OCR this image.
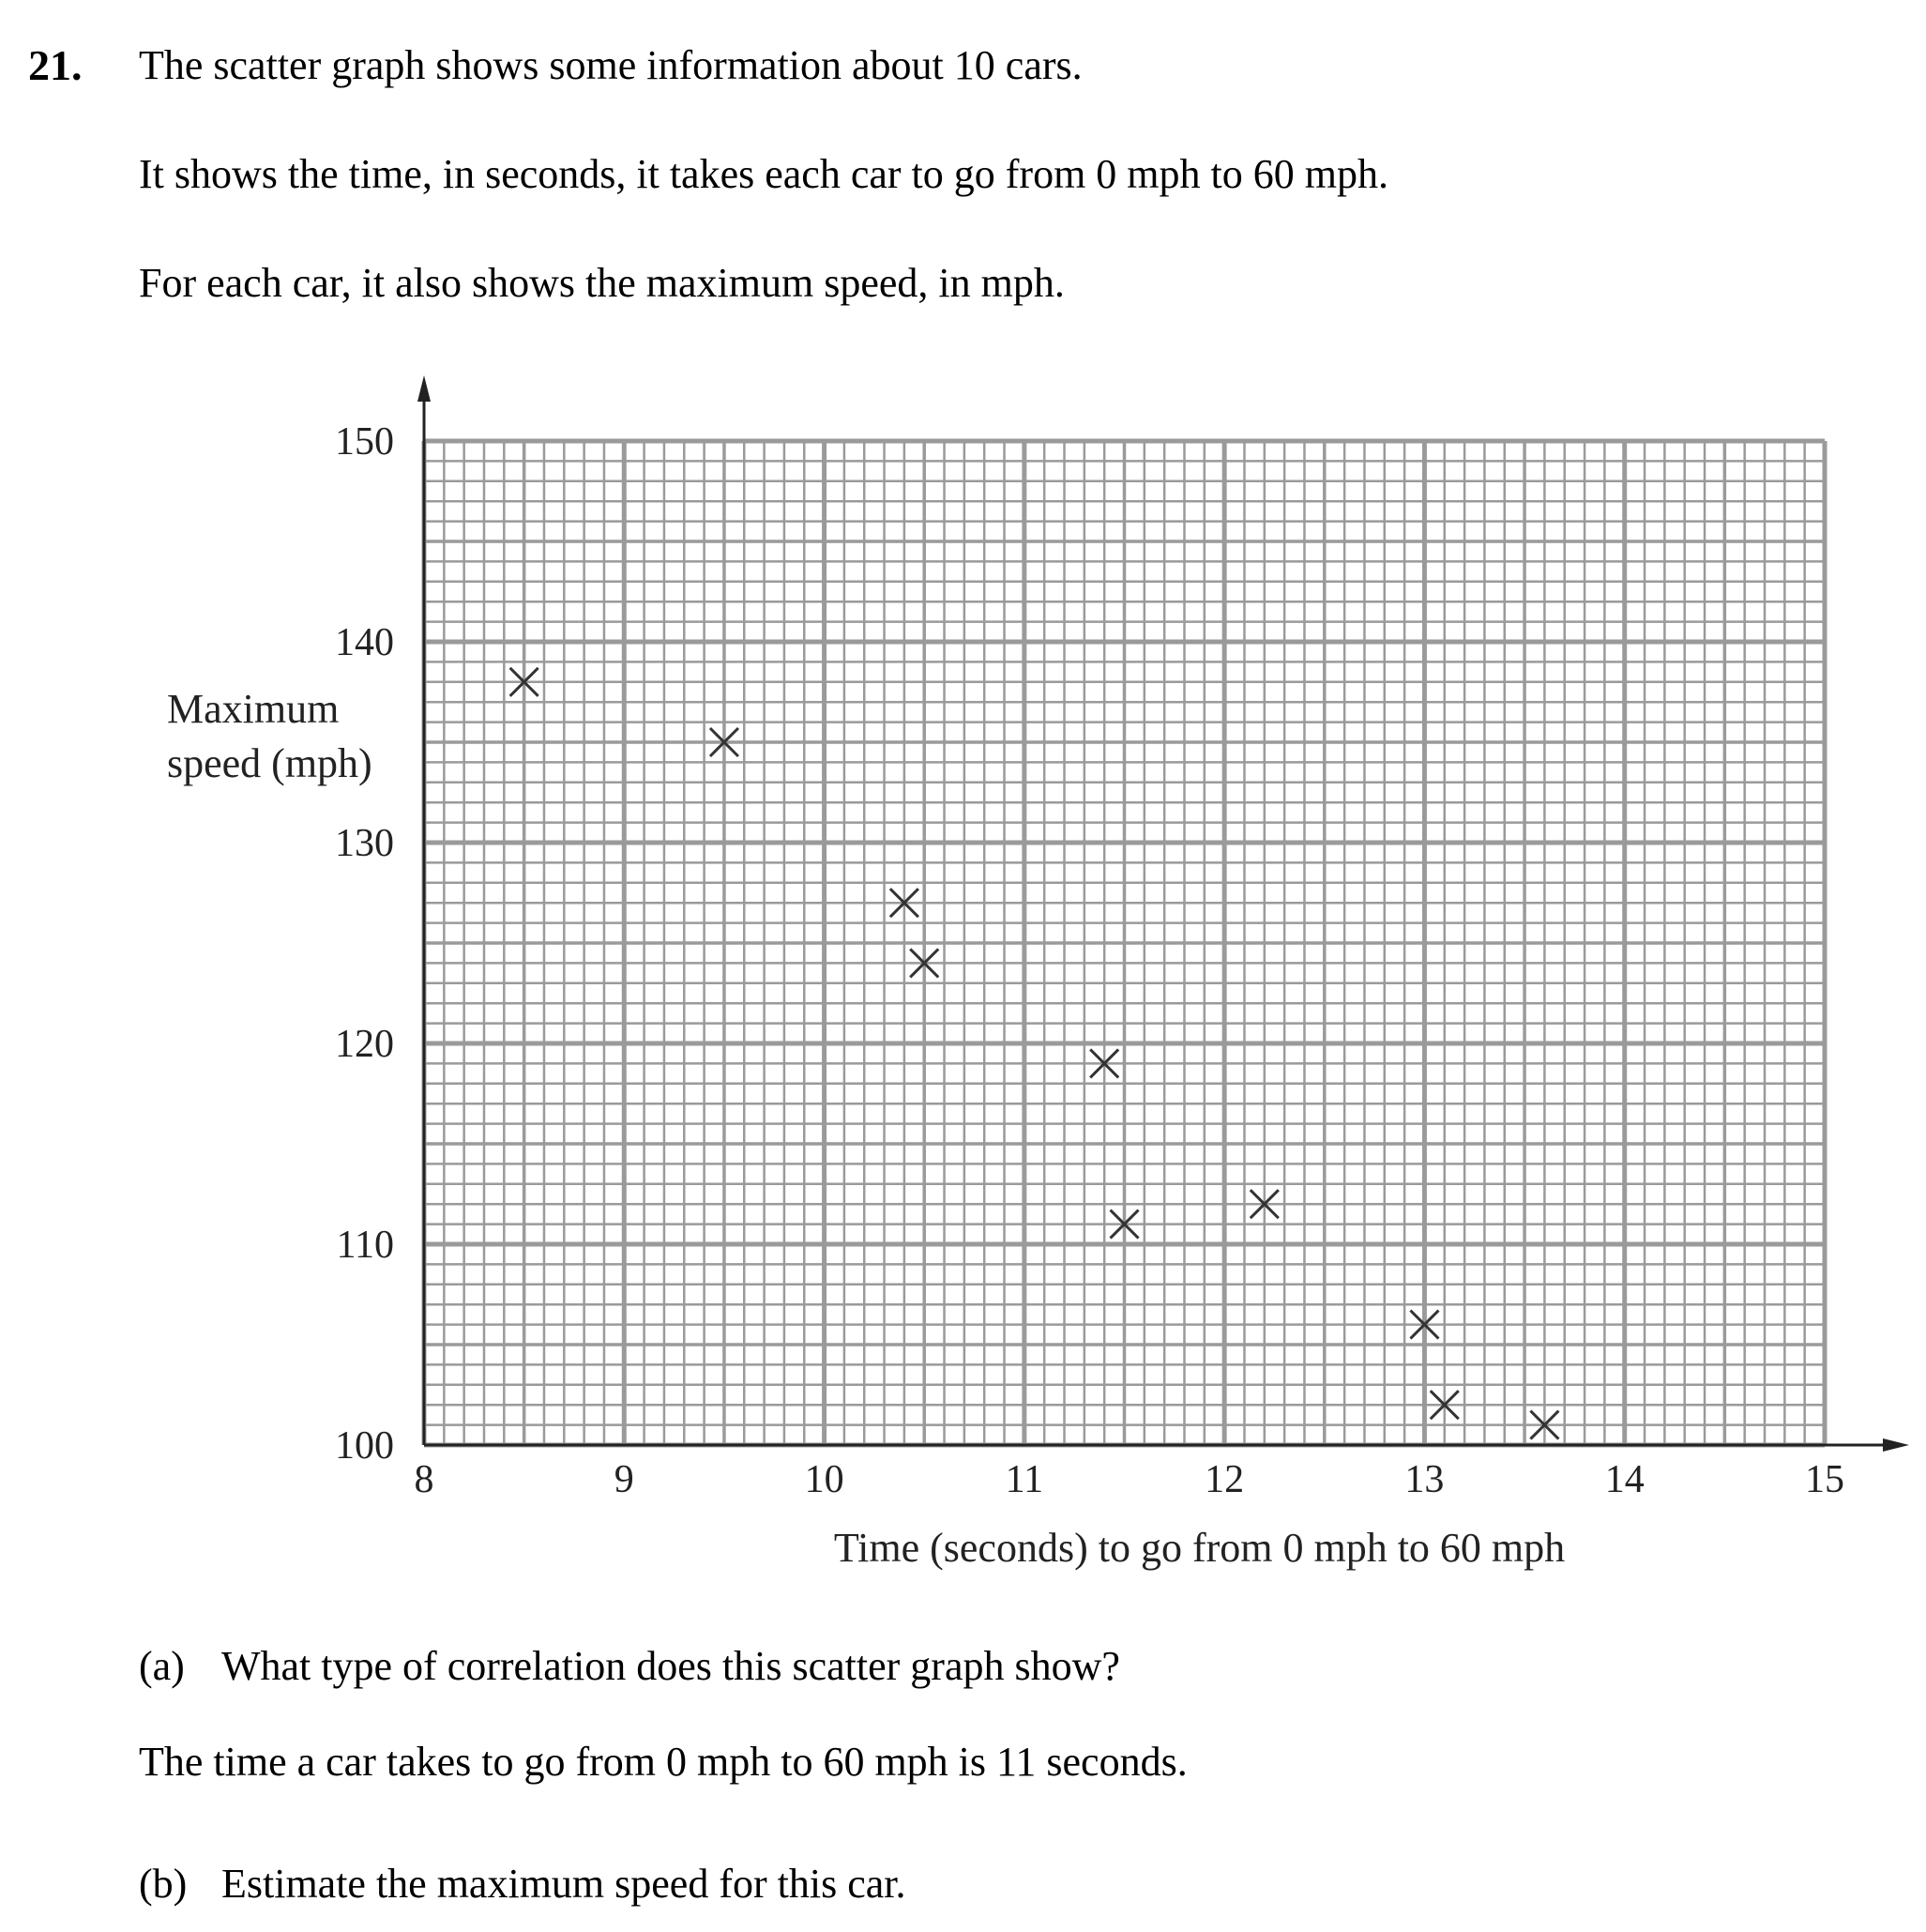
21. The scatter graph shows some information about 10 cars.
It shows the time, in seconds, it takes each car to go from 0 mph to 60 mph.
For each car, it also shows the maximum speed, in mph.
8	9	10	11	12	13	14	15
100
110
120
130
140
150
Time (seconds) to go from 0 mph to 60 mph
Maximum
speed (mph)
(a) What type of correlation does this scatter graph show?
The time a car takes to go from 0 mph to 60 mph is 11 seconds.
(b) Estimate the maximum speed for this car.
